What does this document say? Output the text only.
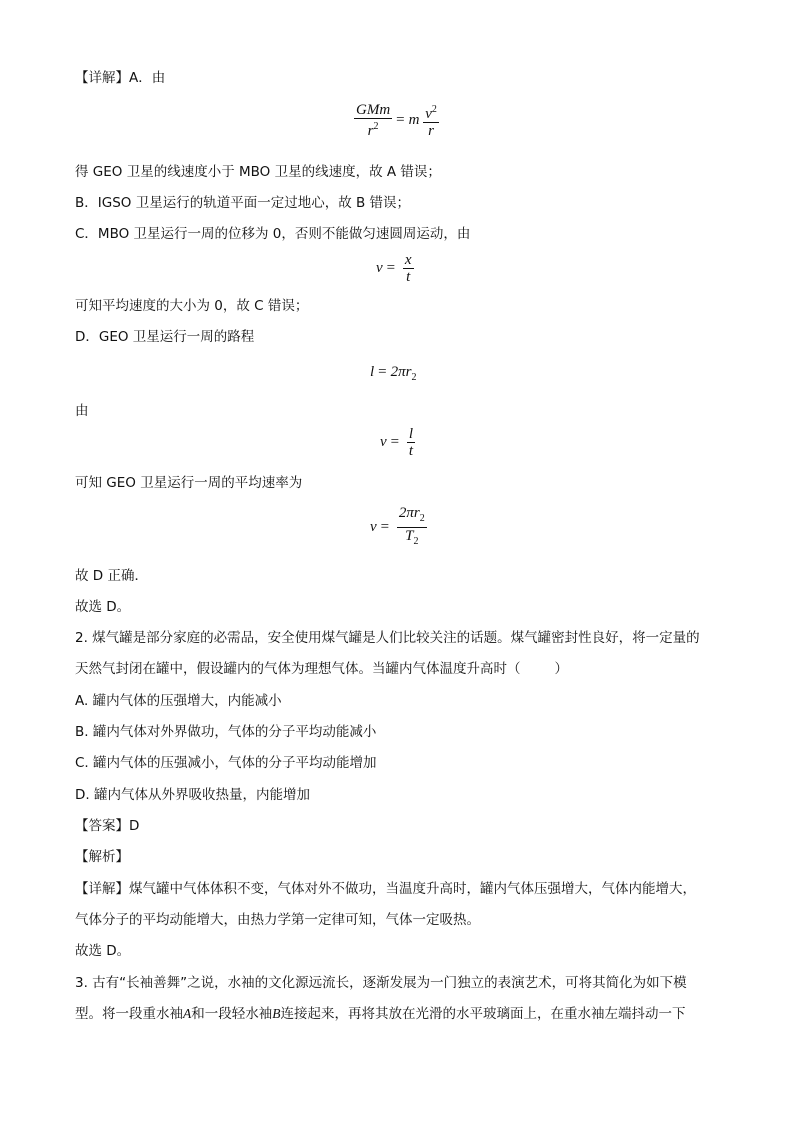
【详解】A．由
$\frac{\text{GMm}}{r^2} = m \frac{v^2}{r}$
得 GEO 卫星的线速度小于 MBO 卫星的线速度，故 A 错误；
B．IGSO 卫星运行的轨道平面一定过地心，故 B 错误；
C．MBO 卫星运行一周的位移为 0，否则不能做匀速圆周运动，由
$v = \frac{x}{t}$
可知平均速度的大小为 0，故 C 错误；
D．GEO 卫星运行一周的路程
$l = 2\pi r_2$
由
$v = \frac{l}{t}$
可知 GEO 卫星运行一周的平均速率为
$v = \frac{2\pi r_2}{T_2}$
故 D 正确．
故选 D。
2. 煤气罐是部分家庭的必需品，安全使用煤气罐是人们比较关注的话题。煤气罐密封性良好，将一定量的
天然气封闭在罐中，假设罐内的气体为理想气体。当罐内气体温度升高时（	）
A. 罐内气体的压强增大，内能减小
B. 罐内气体对外界做功，气体的分子平均动能减小
C. 罐内气体的压强减小，气体的分子平均动能增加
D. 罐内气体从外界吸收热量，内能增加
【答案】D
【解析】
【详解】煤气罐中气体体积不变，气体对外不做功，当温度升高时，罐内气体压强增大，气体内能增大，
气体分子的平均动能增大，由热力学第一定律可知，气体一定吸热。
故选 D。
3. 古有“长袖善舞”之说，水袖的文化源远流长，逐渐发展为一门独立的表演艺术，可将其简化为如下模
型。将一段重水袖A和一段轻水袖B连接起来，再将其放在光滑的水平玻璃面上，在重水袖左端抖动一下
